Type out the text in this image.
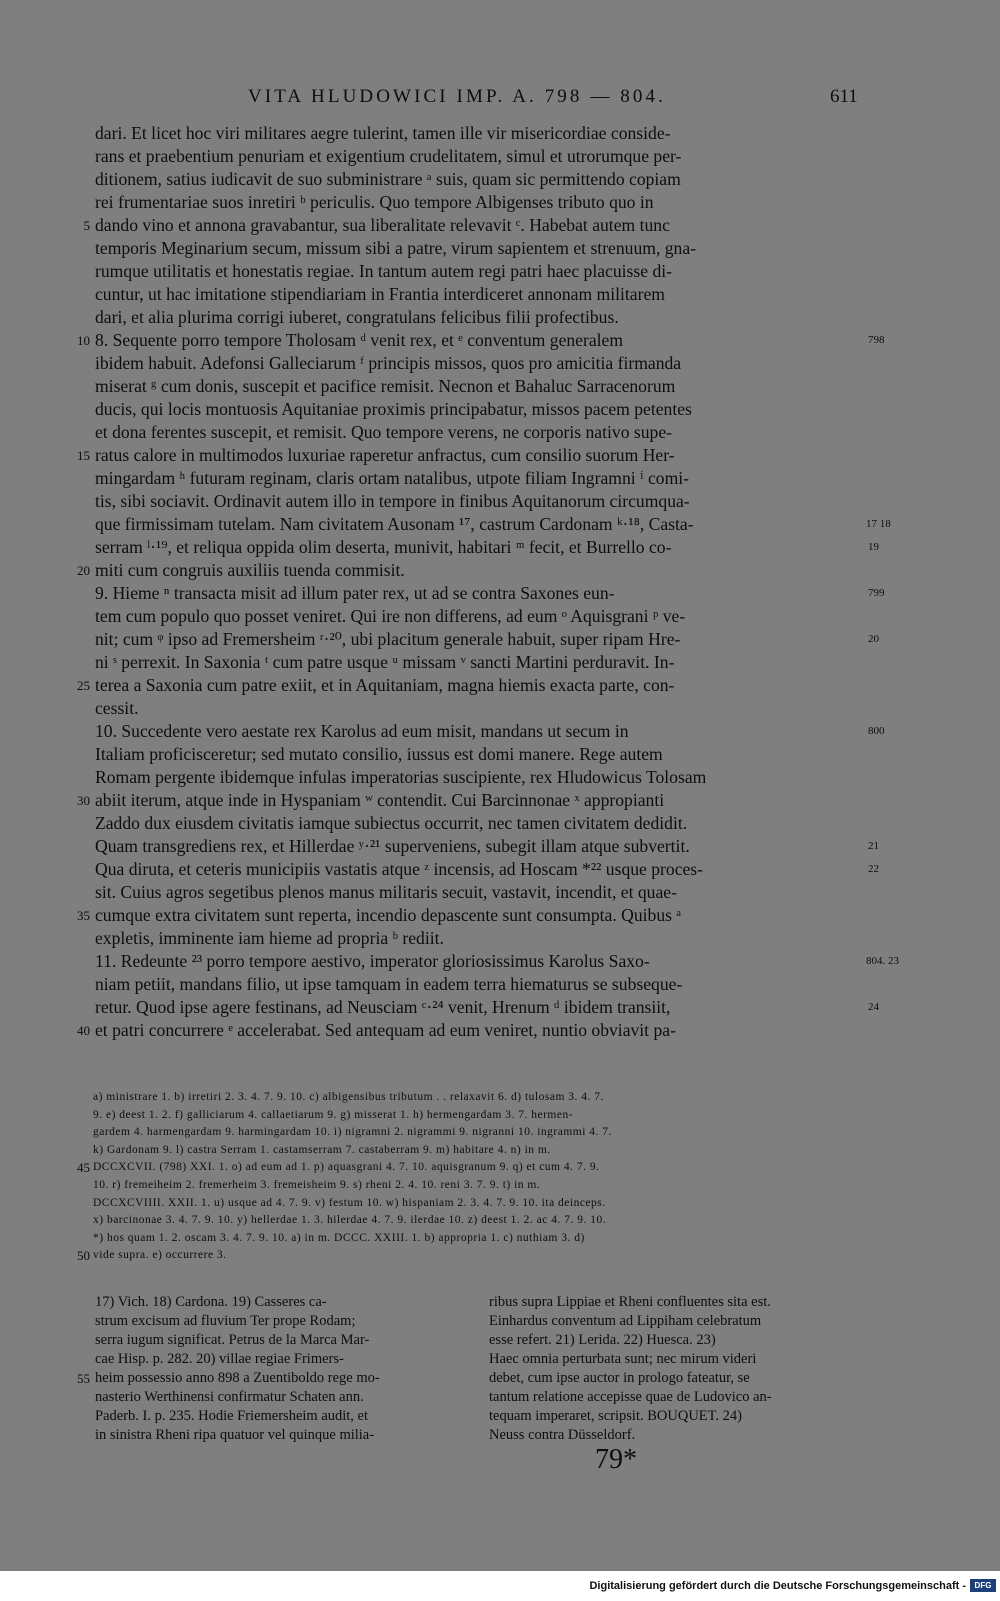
VITA HLUDOWICI IMP. A. 798 — 804.	611
dari. Et licet hoc viri militares aegre tulerint, tamen ille vir misericordiae conside-
rans et praebentium penuriam et exigentium crudelitatem, simul et utrorumque per-
ditionem, satius iudicavit de suo subministrare ᵃ suis, quam sic permittendo copiam
rei frumentariae suos inretiri ᵇ periculis. Quo tempore Albigenses tributo quo in
dando vino et annona gravabantur, sua liberalitate relevavit ᶜ. Habebat autem tunc
temporis Meginarium secum, missum sibi a patre, virum sapientem et strenuum, gna-
rumque utilitatis et honestatis regiae. In tantum autem regi patri haec placuisse di-
cuntur, ut hac imitatione stipendiariam in Frantia interdiceret annonam militarem
dari, et alia plurima corrigi iuberet, congratulans felicibus filii profectibus.
8. Sequente porro tempore Tholosam ᵈ venit rex, et ᵉ conventum generalem
ibidem habuit. Adefonsi Galleciarum ᶠ principis missos, quos pro amicitia firmanda
miserat ᵍ cum donis, suscepit et pacifice remisit. Necnon et Bahaluc Sarracenorum
ducis, qui locis montuosis Aquitaniae proximis principabatur, missos pacem petentes
et dona ferentes suscepit, et remisit. Quo tempore verens, ne corporis nativo supe-
ratus calore in multimodos luxuriae raperetur anfractus, cum consilio suorum Her-
mingardam ʰ futuram reginam, claris ortam natalibus, utpote filiam Ingramni ⁱ comi-
tis, sibi sociavit. Ordinavit autem illo in tempore in finibus Aquitanorum circumqua-
que firmissimam tutelam. Nam civitatem Ausonam ¹⁷, castrum Cardonam ᵏ·¹⁸, Casta-
serram ˡ·¹⁹, et reliqua oppida olim deserta, munivit, habitari ᵐ fecit, et Burrello co-
miti cum congruis auxiliis tuenda commisit.
9. Hieme ⁿ transacta misit ad illum pater rex, ut ad se contra Saxones eun-
tem cum populo quo posset veniret. Qui ire non differens, ad eum ᵒ Aquisgrani ᵖ ve-
nit; cum ᵠ ipso ad Fremersheim ʳ·²⁰, ubi placitum generale habuit, super ripam Hre-
ni ˢ perrexit. In Saxonia ᵗ cum patre usque ᵘ missam ᵛ sancti Martini perduravit. In-
terea a Saxonia cum patre exiit, et in Aquitaniam, magna hiemis exacta parte, con-
cessit.
10. Succedente vero aestate rex Karolus ad eum misit, mandans ut secum in
Italiam proficisceretur; sed mutato consilio, iussus est domi manere. Rege autem
Romam pergente ibidemque infulas imperatorias suscipiente, rex Hludowicus Tolosam
abiit iterum, atque inde in Hyspaniam ʷ contendit. Cui Barcinnonae ˣ appropianti
Zaddo dux eiusdem civitatis iamque subiectus occurrit, nec tamen civitatem dedidit.
Quam transgrediens rex, et Hillerdae ʸ·²¹ superveniens, subegit illam atque subvertit.
Qua diruta, et ceteris municipiis vastatis atque ᶻ incensis, ad Hoscam *²² usque proces-
sit. Cuius agros segetibus plenos manus militaris secuit, vastavit, incendit, et quae-
cumque extra civitatem sunt reperta, incendio depascente sunt consumpta. Quibus ᵃ
expletis, imminente iam hieme ad propria ᵇ rediit.
11. Redeunte ²³ porro tempore aestivo, imperator gloriosissimus Karolus Saxo-
niam petiit, mandans filio, ut ipse tamquam in eadem terra hiematurus se subseque-
retur. Quod ipse agere festinans, ad Neusciam ᶜ·²⁴ venit, Hrenum ᵈ ibidem transiit,
et patri concurrere ᵉ accelerabat. Sed antequam ad eum veniret, nuntio obviavit pa-
5
10
15
20
25
30
35
40
798
17 18
19
799
20
800
21
22
804. 23
24
a) ministrare 1. b) irretiri 2. 3. 4. 7. 9. 10. c) albigensibus tributum . . relaxavit 6. d) tulosam 3. 4. 7.
9. e) deest 1. 2. f) galliciarum 4. callaetiarum 9. g) misserat 1. h) hermengardam 3. 7. hermen-
gardem 4. harmengardam 9. harmingardam 10. i) nigramni 2. nigrammi 9. nigranni 10. ingrammi 4. 7.
k) Gardonam 9. l) castra Serram 1. castamserram 7. castaberram 9. m) habitare 4. n) in m.
DCCXCVII. (798) XXI. 1. o) ad eum ad 1. p) aquasgrani 4. 7. 10. aquisgranum 9. q) et cum 4. 7. 9.
10. r) fremeiheim 2. fremerheim 3. fremeisheim 9. s) rheni 2. 4. 10. reni 3. 7. 9. t) in m.
DCCXCVIIII. XXII. 1. u) usque ad 4. 7. 9. v) festum 10. w) hispaniam 2. 3. 4. 7. 9. 10. ita deinceps.
x) barcinonae 3. 4. 7. 9. 10. y) hellerdae 1. 3. hilerdae 4. 7. 9. ilerdae 10. z) deest 1. 2. ac 4. 7. 9. 10.
*) hos quam 1. 2. oscam 3. 4. 7. 9. 10. a) in m. DCCC. XXIII. 1. b) appropria 1. c) nuthiam 3. d)
vide supra. e) occurrere 3.
45
50
17) Vich. 18) Cardona. 19) Casseres ca-
strum excisum ad fluvium Ter prope Rodam;
serra iugum significat. Petrus de la Marca Mar-
cae Hisp. p. 282. 20) villae regiae Frimers-
heim possessio anno 898 a Zuentiboldo rege mo-
nasterio Werthinensi confirmatur Schaten ann.
Paderb. I. p. 235. Hodie Friemersheim audit, et
in sinistra Rheni ripa quatuor vel quinque milia-
55
ribus supra Lippiae et Rheni confluentes sita est.
Einhardus conventum ad Lippiham celebratum
esse refert. 21) Lerida. 22) Huesca. 23)
Haec omnia perturbata sunt; nec mirum videri
debet, cum ipse auctor in prologo fateatur, se
tantum relatione accepisse quae de Ludovico an-
tequam imperaret, scripsit. BOUQUET. 24)
Neuss contra Düsseldorf.
79*
Digitalisierung gefördert durch die Deutsche Forschungsgemeinschaft -	DFG
